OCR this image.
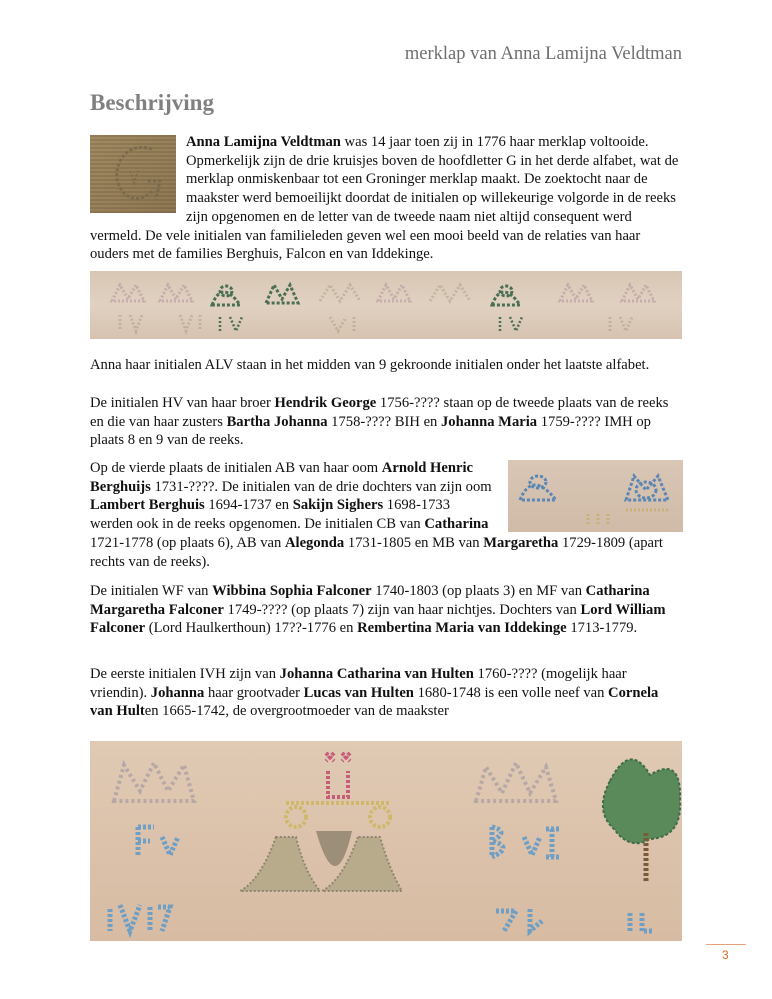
merklap van Anna Lamijna Veldtman
Beschrijving
Anna Lamijna Veldtman was 14 jaar toen zij in 1776 haar merklap voltooide. Opmerkelijk zijn de drie kruisjes boven de hoofdletter G in het derde alfabet, wat de merklap onmiskenbaar tot een Groninger merklap maakt. De zoektocht naar de maakster werd bemoeilijkt doordat de initialen op willekeurige volgorde in de reeks zijn opgenomen en de letter van de tweede naam niet altijd consequent werd vermeld. De vele initialen van familieleden geven wel een mooi beeld van de relaties van haar ouders met de families Berghuis, Falcon en van Iddekinge.
Anna haar initialen ALV staan in het midden van 9 gekroonde initialen onder het laatste alfabet.
De initialen HV van haar broer Hendrik George 1756-???? staan op de tweede plaats van de reeks en die van haar zusters Bartha Johanna 1758-???? BIH en Johanna Maria 1759-???? IMH op plaats 8 en 9 van de reeks.
Op de vierde plaats de initialen AB van haar oom Arnold Henric Berghuijs 1731-????. De initialen van de drie dochters van zijn oom Lambert Berghuis 1694-1737 en Sakijn Sighers 1698-1733 werden ook in de reeks opgenomen. De initialen CB van Catharina 1721-1778 (op plaats 6), AB van Alegonda 1731-1805 en MB van Margaretha 1729-1809 (apart rechts van de reeks).
De initialen WF van Wibbina Sophia Falconer 1740-1803 (op plaats 3) en MF van Catharina Margaretha Falconer 1749-???? (op plaats 7) zijn van haar nichtjes. Dochters van Lord William Falconer (Lord Haulkerthoun) 17??-1776 en Rembertina Maria van Iddekinge 1713-1779.
De eerste initialen IVH zijn van Johanna Catharina van Hulten 1760-???? (mogelijk haar vriendin). Johanna haar grootvader Lucas van Hulten 1680-1748 is een volle neef van Cornela van Hulten 1665-1742, de overgrootmoeder van de maakster
3
